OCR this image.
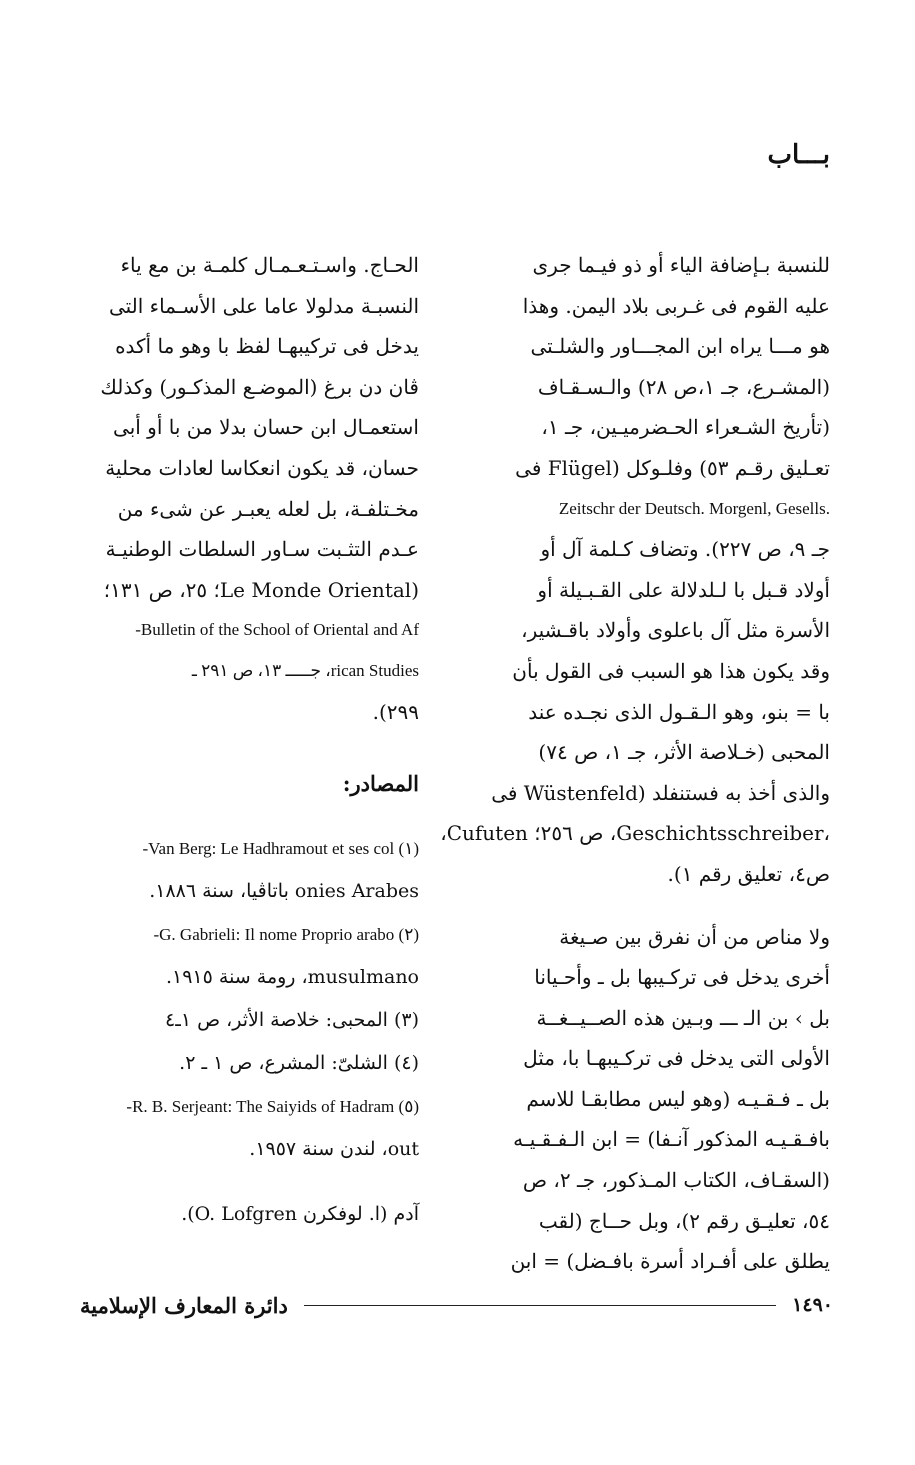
بـــاب
للنسبة بـإضافة الياء أو ذو فيـما جرى
عليه القوم فى غـربى بلاد اليمن. وهذا
هو مـــا يراه ابن المجـــاور والشلـتى
(المشـرع، جـ ١،ص ٢٨) والـسـقـاف
(تأريخ الشـعراء الحـضرميـين، جـ ١،
تعـليق رقـم ٥٣) وفلـوكل (Flügel فى
.Zeitschr der Deutsch. Morgenl, Gesells
جـ ٩، ص ٢٢٧). وتضاف كـلمة آل أو
أولاد قـبل با لـلدلالة على القـبـيلة أو
الأسرة مثل آل باعلوى وأولاد باقـشير،
وقد يكون هذا هو السبب فى القول بأن
با = بنو، وهو الـقـول الذى نجـده عند
المحبى (خـلاصة الأثر، جـ ١، ص ٧٤)
والذى أخذ به فستنفلد (Wüstenfeld فى
،Geschichtsschreiber، ص ٢٥٦؛ Cufuten،
ص٤، تعليق رقم ١).
ولا مناص من أن نفرق بين صـيغة
أخرى يدخل فى تركـيبها بل ـ وأحـيانا
بل › بن الـ ـــ وبـين هذه الصــيــغــة
الأولى التى يدخل فى تركـيبهـا با، مثل
بل ـ فـقـيـه (وهو ليس مطابقـا للاسم
بافـقـيـه المذكور آنـفا) = ابن الـفـقـيـه
(السقـاف، الكتاب المـذكور، جـ ٢، ص
٥٤، تعليـق رقم ٢)، وبل حــاج (لقب
يطلق على أفـراد أسرة بافـضل) = ابن
الحـاج. واسـتـعـمـال كلمـة بن مع ياء
النسبـة مدلولا عاما على الأسـماء التى
يدخل فى تركيبهـا لفظ با وهو ما أكده
ڤان دن برغ (الموضـع المذكـور) وكذلك
استعمـال ابن حسان بدلا من با أو أبى
حسان، قد يكون انعكاسا لعادات محلية
مخـتلفـة، بل لعله يعبـر عن شىء من
عـدم التثـبت سـاور السلطات الوطنيـة
(Le Monde Oriental؛ ٢٥، ص ١٣١؛
Bulletin of the School of Oriental and Af-
rican Studies، جـــــ ١٣، ص ٢٩١ ـ
٢٩٩).
المصادر:
(١) Van Berg: Le Hadhramout et ses col-
onies Arabes باتاڤيا، سنة ١٨٨٦.
(٢) G. Gabrieli: Il nome Proprio arabo-
musulmano، رومة سنة ١٩١٥.
(٣) المحبى: خلاصة الأثر، ص ١ـ٤
(٤) الشلىّ: المشرع، ص ١ ـ ٢.
(٥) R. B. Serjeant: The Saiyids of Hadram-
out، لندن سنة ١٩٥٧.
آدم (ا. لوفكرن O. Lofgren).
١٤٩٠
دائرة المعارف الإسلامية
